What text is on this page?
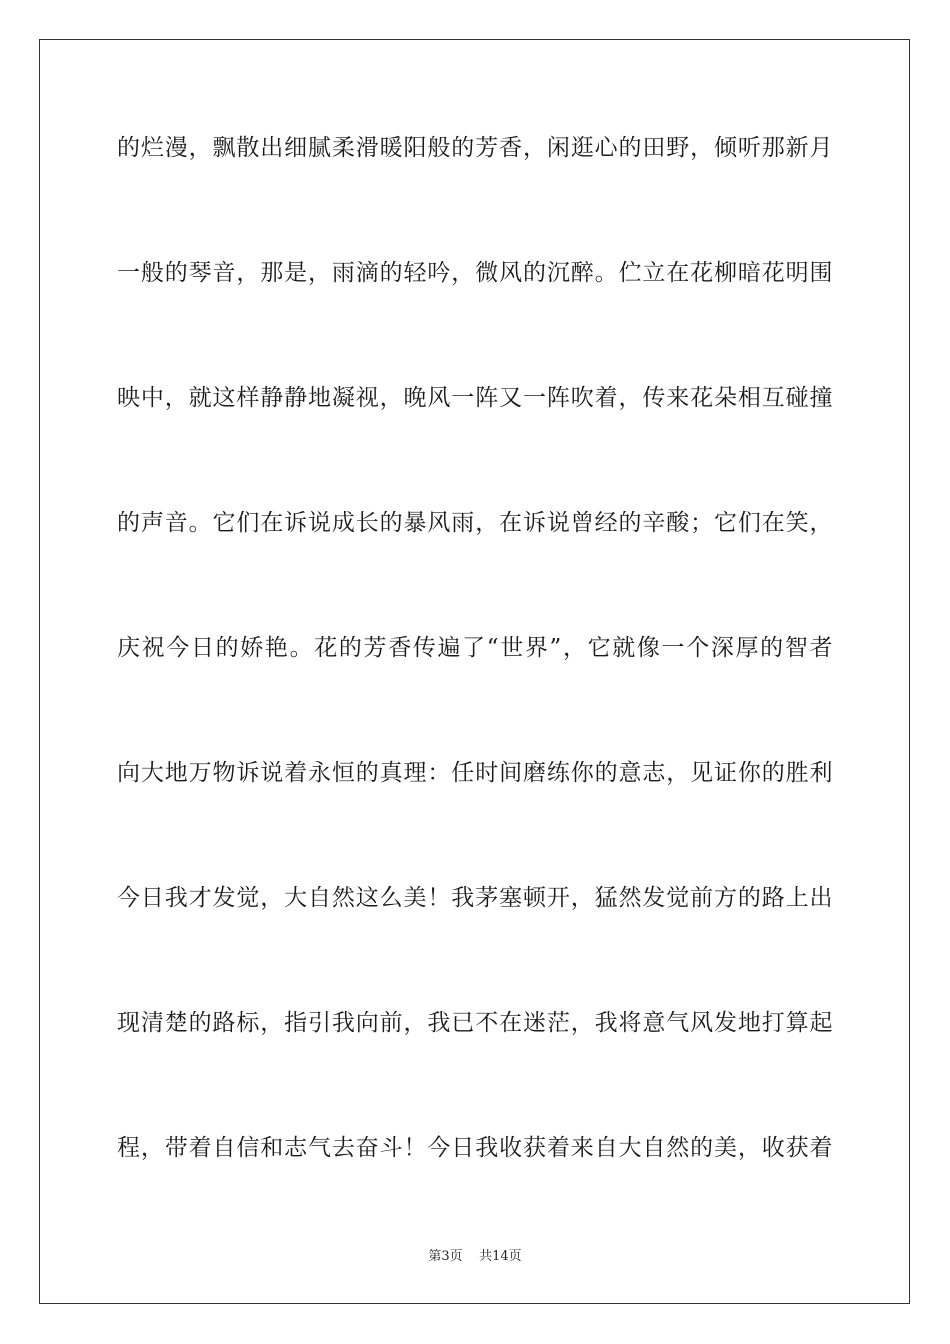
的烂漫，飘散出细腻柔滑暖阳般的芳香，闲逛心的田野，倾听那新月
一般的琴音，那是，雨滴的轻吟，微风的沉醉。伫立在花柳暗花明围
映中，就这样静静地凝视，晚风一阵又一阵吹着，传来花朵相互碰撞
的声音。它们在诉说成长的暴风雨，在诉说曾经的辛酸；它们在笑，
庆祝今日的娇艳。花的芳香传遍了“世界”，它就像一个深厚的智者
向大地万物诉说着永恒的真理：任时间磨练你的意志，见证你的胜利
今日我才发觉，大自然这么美！我茅塞顿开，猛然发觉前方的路上出
现清楚的路标，指引我向前，我已不在迷茫，我将意气风发地打算起
程，带着自信和志气去奋斗！今日我收获着来自大自然的美，收获着
第3页 共14页
